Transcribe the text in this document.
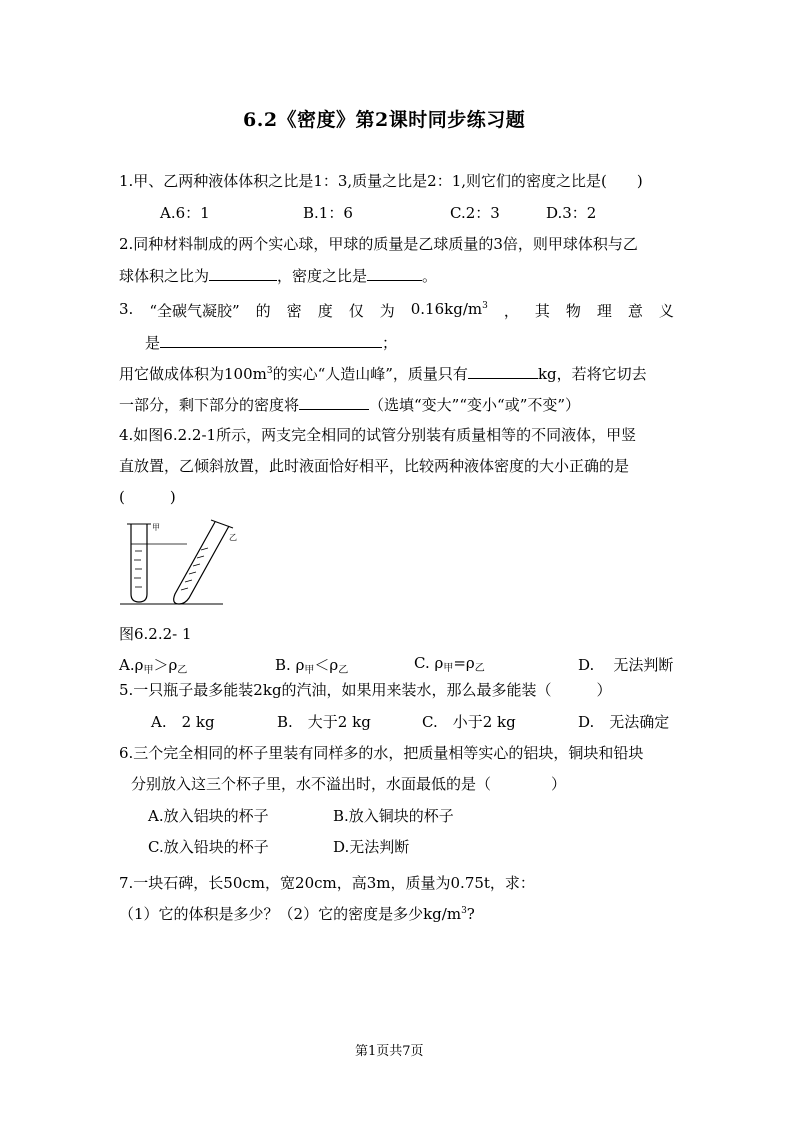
6.2《密度》第2课时同步练习题
1.甲、乙两种液体体积之比是1：3,质量之比是2：1,则它们的密度之比是(　　)
A.6：1	B.1：6	C.2：3	D.3：2
2.同种材料制成的两个实心球，甲球的质量是乙球质量的3倍，则甲球体积与乙
球体积之比为	，密度之比是	。
3. “全碳气凝胶” 的 密 度 仅 为 $0.16kg/m^3$ ， 其 物 理 意 义
是	；
用它做成体积为$100m^3$的实心“人造山峰”，质量只有	kg，若将它切去
一部分，剩下部分的密度将	（选填“变大”“变小“或”不变”）
4.如图6.2.2-1所示，两支完全相同的试管分别装有质量相等的不同液体，甲竖
直放置，乙倾斜放置，此时液面恰好相平，比较两种液体密度的大小正确的是
(　　　)
甲
乙
图6.2.2- 1
$A.\rho_甲>\rho_乙$	B. $\rho_甲<\rho_乙$	C. $\rho_甲=\rho_乙$	D. 无法判断
5.一只瓶子最多能装2kg的汽油，如果用来装水，那么最多能装（　　　）
A.　2 kg	B.　大于2 kg	C.　小于2 kg	D.　无法确定
6.三个完全相同的杯子里装有同样多的水，把质量相等实心的铝块，铜块和铅块
分别放入这三个杯子里，水不溢出时，水面最低的是（　　　　）
A.放入铝块的杯子	B.放入铜块的杯子
C.放入铅块的杯子	D.无法判断
7.一块石碑，长50cm，宽20cm，高3m，质量为0.75t，求：
（1）它的体积是多少？（2）它的密度是多少$kg/m^3$?
第1页共7页
